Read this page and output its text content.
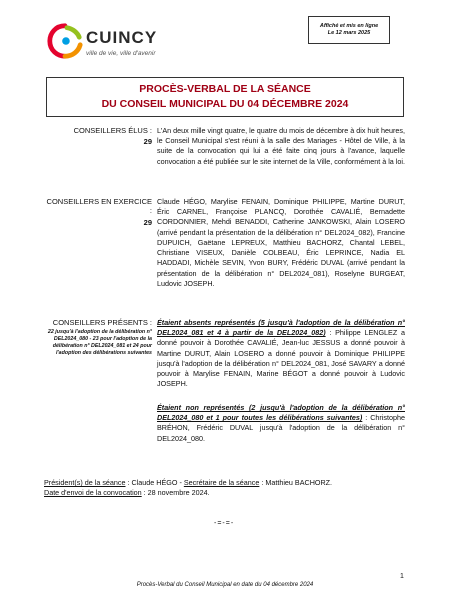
CUINCY
ville de vie, ville d'avenir
Affiché et mis en ligne
Le 12 mars 2025
PROCÈS-VERBAL DE LA SÉANCE
DU CONSEIL MUNICIPAL DU 04 DÉCEMBRE 2024
CONSEILLERS ÉLUS :
29
L'An deux mille vingt quatre, le quatre du mois de décembre à dix huit heures, le Conseil Municipal s'est réuni à la salle des Mariages - Hôtel de Ville, à la suite de la convocation qui lui a été faite cinq jours à l'avance, laquelle convocation a été publiée sur le site internet de la Ville, conformément à la loi.
CONSEILLERS EN EXERCICE :
29
Claude HÉGO, Marylise FENAIN, Dominique PHILIPPE, Martine DURUT, Éric CARNEL, Françoise PLANCQ, Dorothée CAVALIÉ, Bernadette CORDONNIER, Mehdi BENADDI, Catherine JANKOWSKI, Alain LOSERO (arrivé pendant la présentation de la délibération n° DEL2024_082), Francine DUPUICH, Gaëtane LEPREUX, Matthieu BACHORZ, Chantal LEBEL, Christiane VISEUX, Danièle COLBEAU, Éric LEPRINCE, Nadia EL HADDADI, Michèle SEVIN, Yvon BURY, Frédéric DUVAL (arrivé pendant la présentation de la délibération n° DEL2024_081), Roselyne BURGEAT, Ludovic JOSEPH.
CONSEILLERS PRÉSENTS :
22 jusqu'à l'adoption de la délibération n° DEL2024_080 - 23 pour l'adoption de la délibération n° DEL2024_081 et 24 pour l'adoption des délibérations suivantes
Étaient absents représentés (5 jusqu'à l'adoption de la délibération n° DEL2024_081 et 4 à partir de la DEL2024_082) : Philippe LENGLEZ a donné pouvoir à Dorothée CAVALIÉ, Jean-luc JESSUS a donné pouvoir à Martine DURUT, Alain LOSERO a donné pouvoir à Dominique PHILIPPE jusqu'à l'adoption de la délibération n° DEL2024_081, José SAVARY a donné pouvoir à Marylise FENAIN, Marine BÉGOT a donné pouvoir à Ludovic JOSEPH.
Étaient non représentés (2 jusqu'à l'adoption de la délibération n° DEL2024_080 et 1 pour toutes les délibérations suivantes) : Christophe BRÉHON, Frédéric DUVAL jusqu'à l'adoption de la délibération n° DEL2024_080.
Président(s) de la séance : Claude HÉGO - Secrétaire de la séance : Matthieu BACHORZ.
Date d'envoi de la convocation : 28 novembre 2024.
-=-=-
1
Procès-Verbal du Conseil Municipal en date du 04 décembre 2024
